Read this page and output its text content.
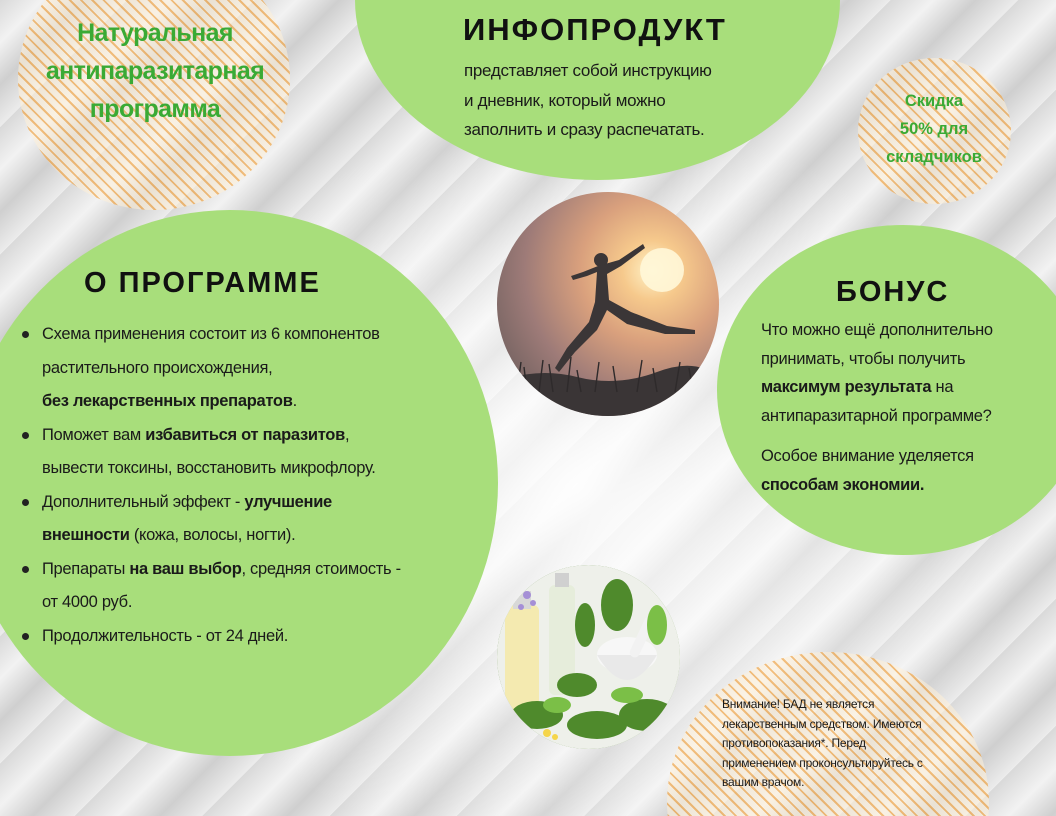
Натуральная
антипаразитарная
программа
ИНФОПРОДУКТ
представляет собой инструкцию
и дневник, который можно
заполнить и сразу распечатать.
Скидка
50% для
складчиков
О ПРОГРАММЕ
Схема применения состоит из 6 компонентов
растительного происхождения,
без лекарственных препаратов.
Поможет вам избавиться от паразитов,
вывести токсины, восстановить микрофлору.
Дополнительный эффект - улучшение
внешности (кожа, волосы, ногти).
Препараты на ваш выбор, средняя стоимость -
от 4000 руб.
Продолжительность - от 24 дней.
БОНУС
Что можно ещё дополнительно
принимать, чтобы получить
максимум результата на
антипаразитарной программе?
Особое внимание уделяется
способам экономии.
Внимание! БАД не является
лекарственным средством. Имеются
противопоказания*. Перед
применением проконсультируйтесь с
вашим врачом.
